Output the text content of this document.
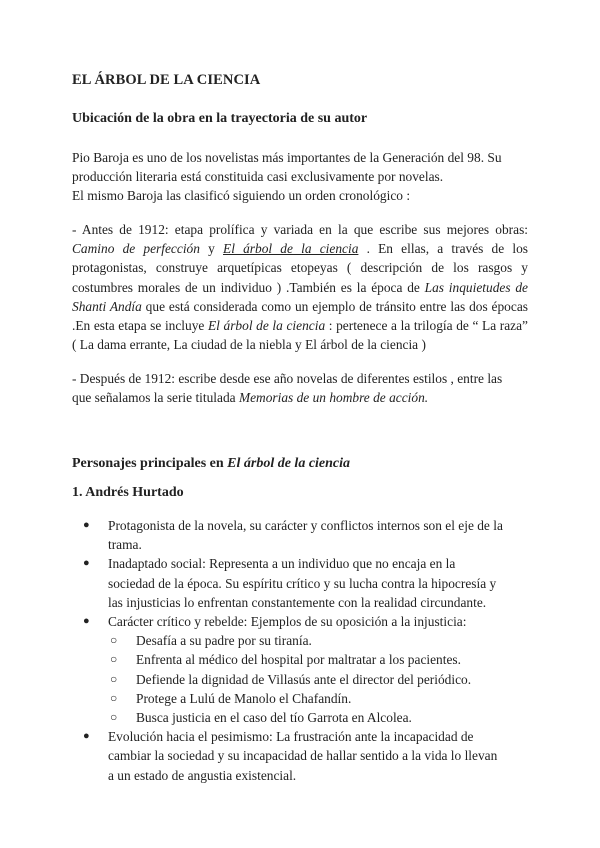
EL ÁRBOL DE LA CIENCIA
Ubicación de la obra en la trayectoria de su autor
Pio Baroja es uno de los novelistas más importantes de la Generación del 98. Su
producción literaria está constituida casi exclusivamente por novelas.
El mismo Baroja las clasificó siguiendo un orden cronológico :
- Antes de 1912: etapa prolífica y variada en la que escribe sus mejores obras: Camino de perfección y El árbol de la ciencia . En ellas, a través de los protagonistas, construye arquetípicas etopeyas ( descripción de los rasgos y costumbres morales de un individuo ) .También es la época de Las inquietudes de Shanti Andía que está considerada como un ejemplo de tránsito entre las dos épocas .En esta etapa se incluye El árbol de la ciencia : pertenece a la trilogía de “ La raza” ( La dama errante, La ciudad de la niebla y El árbol de la ciencia )
- Después de 1912: escribe desde ese año novelas de diferentes estilos , entre las
que señalamos la serie titulada Memorias de un hombre de acción.
Personajes principales en El árbol de la ciencia
1. Andrés Hurtado
● Protagonista de la novela, su carácter y conflictos internos son el eje de la
trama.
● Inadaptado social: Representa a un individuo que no encaja en la
sociedad de la época. Su espíritu crítico y su lucha contra la hipocresía y
las injusticias lo enfrentan constantemente con la realidad circundante.
● Carácter crítico y rebelde: Ejemplos de su oposición a la injusticia:
○ Desafía a su padre por su tiranía.
○ Enfrenta al médico del hospital por maltratar a los pacientes.
○ Defiende la dignidad de Villasús ante el director del periódico.
○ Protege a Lulú de Manolo el Chafandín.
○ Busca justicia en el caso del tío Garrota en Alcolea.
● Evolución hacia el pesimismo: La frustración ante la incapacidad de
cambiar la sociedad y su incapacidad de hallar sentido a la vida lo llevan
a un estado de angustia existencial.
